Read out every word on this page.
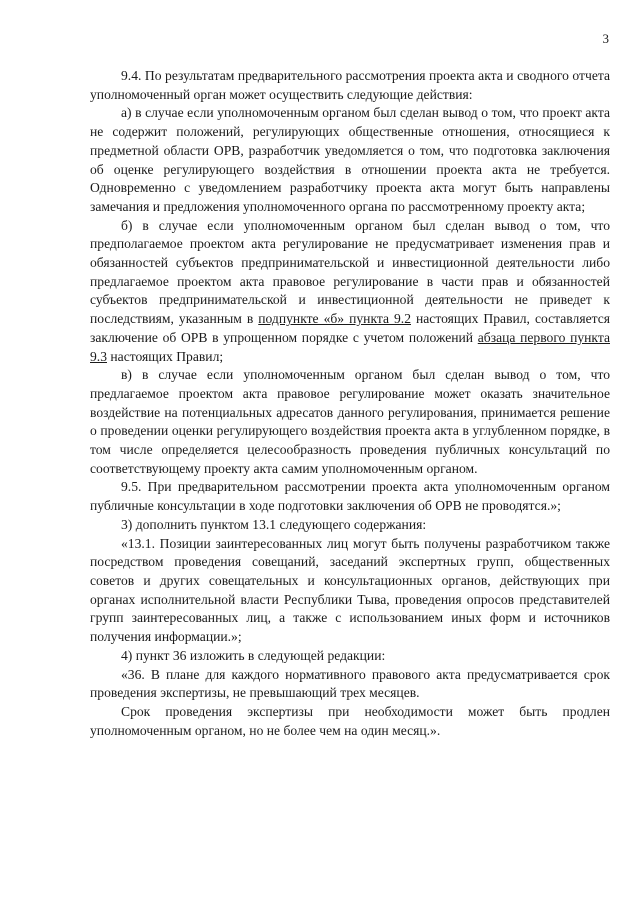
3

9.4. По результатам предварительного рассмотрения проекта акта и сводного отчета уполномоченный орган может осуществить следующие действия:

а) в случае если уполномоченным органом был сделан вывод о том, что проект акта не содержит положений, регулирующих общественные отношения, относящиеся к предметной области ОРВ, разработчик уведомляется о том, что подготовка заключения об оценке регулирующего воздействия в отношении проекта акта не требуется. Одновременно с уведомлением разработчику проекта акта могут быть направлены замечания и предложения уполномоченного органа по рассмотренному проекту акта;

б) в случае если уполномоченным органом был сделан вывод о том, что предполагаемое проектом акта регулирование не предусматривает изменения прав и обязанностей субъектов предпринимательской и инвестиционной деятельности либо предлагаемое проектом акта правовое регулирование в части прав и обязанностей субъектов предпринимательской и инвестиционной деятельности не приведет к последствиям, указанным в подпункте «б» пункта 9.2 настоящих Правил, составляется заключение об ОРВ в упрощенном порядке с учетом положений абзаца первого пункта 9.3 настоящих Правил;

в) в случае если уполномоченным органом был сделан вывод о том, что предлагаемое проектом акта правовое регулирование может оказать значительное воздействие на потенциальных адресатов данного регулирования, принимается решение о проведении оценки регулирующего воздействия проекта акта в углубленном порядке, в том числе определяется целесообразность проведения публичных консультаций по соответствующему проекту акта самим уполномоченным органом.

9.5. При предварительном рассмотрении проекта акта уполномоченным органом публичные консультации в ходе подготовки заключения об ОРВ не проводятся.»;

3) дополнить пунктом 13.1 следующего содержания:

«13.1. Позиции заинтересованных лиц могут быть получены разработчиком также посредством проведения совещаний, заседаний экспертных групп, общественных советов и других совещательных и консультационных органов, действующих при органах исполнительной власти Республики Тыва, проведения опросов представителей групп заинтересованных лиц, а также с использованием иных форм и источников получения информации.»;

4) пункт 36 изложить в следующей редакции:

«36. В плане для каждого нормативного правового акта предусматривается срок проведения экспертизы, не превышающий трех месяцев.

Срок проведения экспертизы при необходимости может быть продлен уполномоченным органом, но не более чем на один месяц.».
